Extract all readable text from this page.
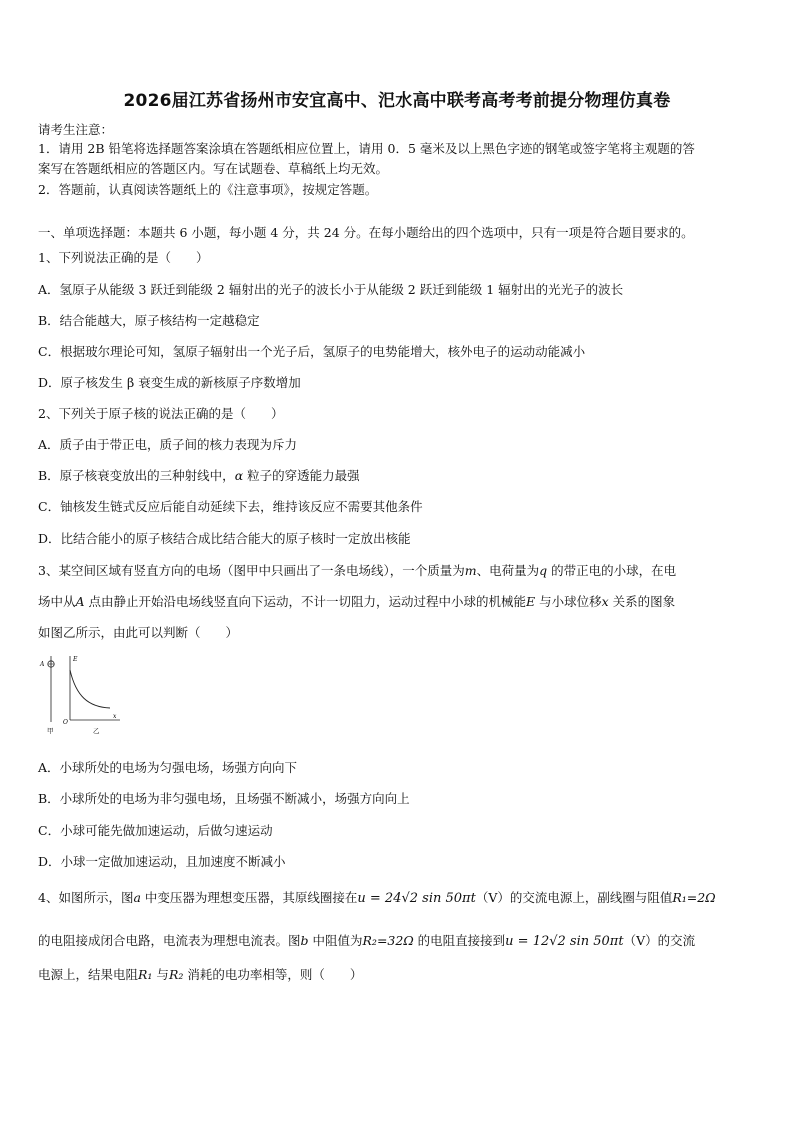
2026届江苏省扬州市安宜高中、汜水高中联考高考考前提分物理仿真卷
请考生注意：
1．请用 2B 铅笔将选择题答案涂填在答题纸相应位置上，请用 0．5 毫米及以上黑色字迹的钢笔或签字笔将主观题的答
案写在答题纸相应的答题区内。写在试题卷、草稿纸上均无效。
2．答题前，认真阅读答题纸上的《注意事项》，按规定答题。
一、单项选择题：本题共 6 小题，每小题 4 分，共 24 分。在每小题给出的四个选项中，只有一项是符合题目要求的。
1、下列说法正确的是（　　）
A．氢原子从能级 3 跃迁到能级 2 辐射出的光子的波长小于从能级 2 跃迁到能级 1 辐射出的光光子的波长
B．结合能越大，原子核结构一定越稳定
C．根据玻尔理论可知，氢原子辐射出一个光子后，氢原子的电势能增大，核外电子的运动动能减小
D．原子核发生 β 衰变生成的新核原子序数增加
2、下列关于原子核的说法正确的是（　　）
A．质子由于带正电，质子间的核力表现为斥力
B．原子核衰变放出的三种射线中，α 粒子的穿透能力最强
C．铀核发生链式反应后能自动延续下去，维持该反应不需要其他条件
D．比结合能小的原子核结合成比结合能大的原子核时一定放出核能
3、某空间区域有竖直方向的电场（图甲中只画出了一条电场线），一个质量为m、电荷量为q 的带正电的小球，在电
场中从A 点由静止开始沿电场线竖直向下运动，不计一切阻力，运动过程中小球的机械能E 与小球位移x 关系的图象
如图乙所示，由此可以判断（　　）
A
甲
E
O
x
乙
A．小球所处的电场为匀强电场，场强方向向下
B．小球所处的电场为非匀强电场，且场强不断减小，场强方向向上
C．小球可能先做加速运动，后做匀速运动
D．小球一定做加速运动，且加速度不断减小
4、如图所示，图a 中变压器为理想变压器，其原线圈接在u = 24√2 sin 50πt（V）的交流电源上，副线圈与阻值R₁=2Ω
的电阻接成闭合电路，电流表为理想电流表。图b 中阻值为R₂=32Ω 的电阻直接接到u = 12√2 sin 50πt（V）的交流
电源上，结果电阻R₁ 与R₂ 消耗的电功率相等，则（　　）
